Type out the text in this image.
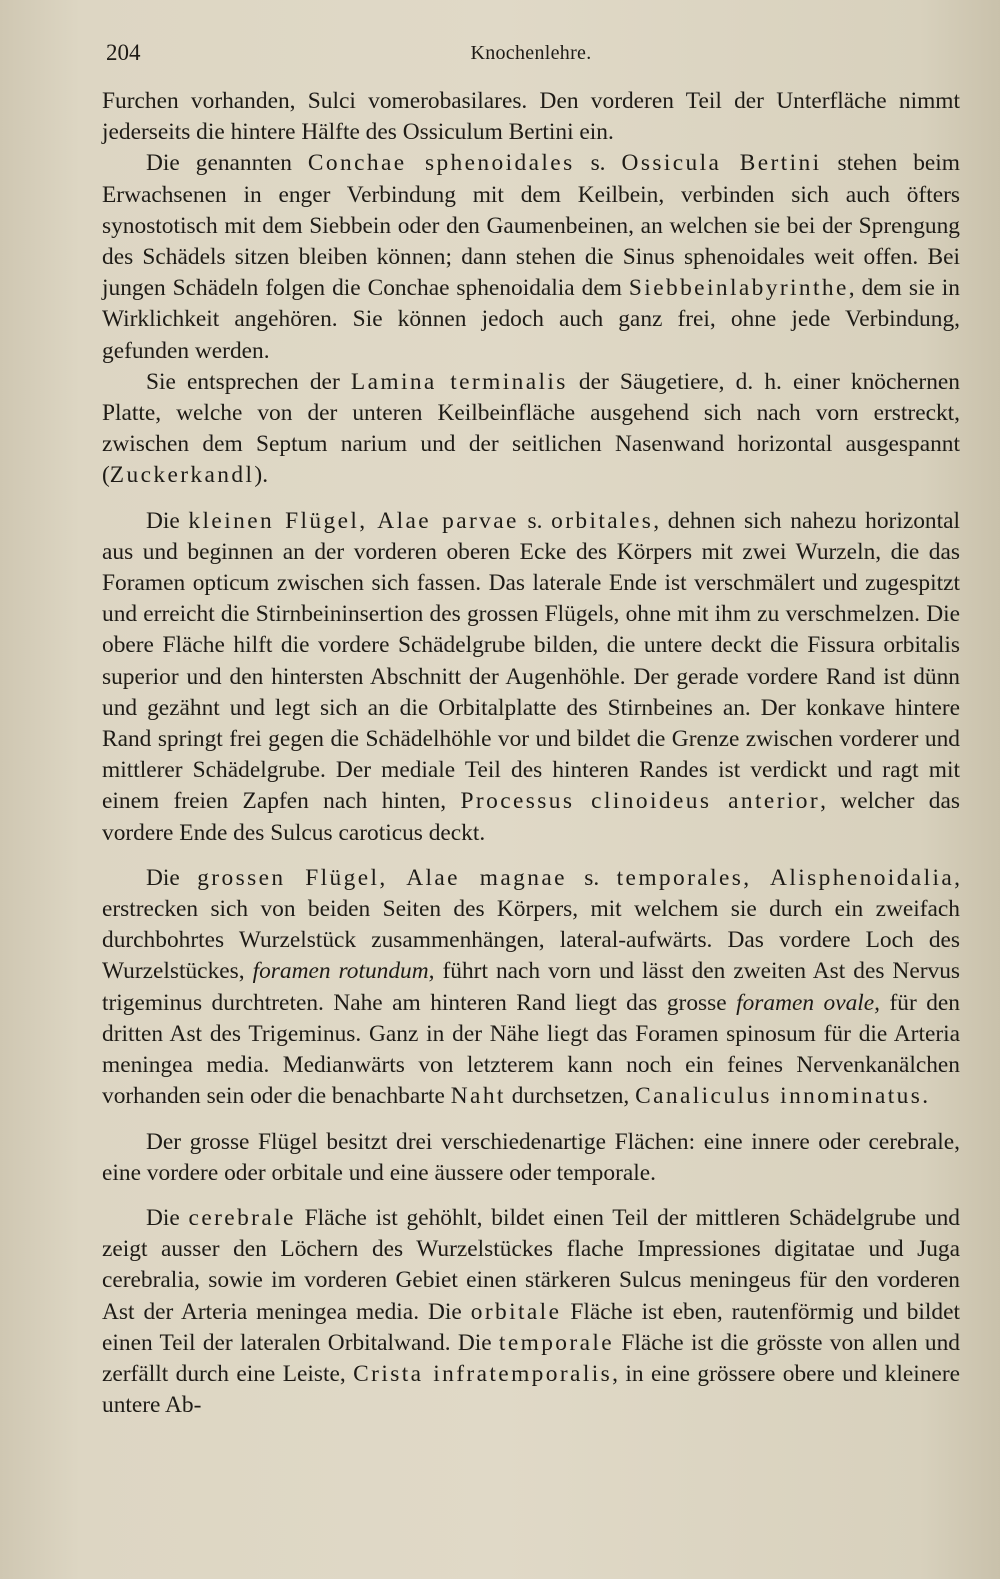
204	Knochenlehre.

Furchen vorhanden, Sulci vomerobasilares. Den vorderen Teil der Unterfläche nimmt jederseits die hintere Hälfte des Ossiculum Bertini ein.

Die genannten Conchae sphenoidales s. Ossicula Bertini stehen beim Erwachsenen in enger Verbindung mit dem Keilbein, verbinden sich auch öfters synostotisch mit dem Siebbein oder den Gaumenbeinen, an welchen sie bei der Sprengung des Schädels sitzen bleiben können; dann stehen die Sinus sphenoidales weit offen. Bei jungen Schädeln folgen die Conchae sphenoidalia dem Siebbeinlabyrinthe, dem sie in Wirklichkeit angehören. Sie können jedoch auch ganz frei, ohne jede Verbindung, gefunden werden.

Sie entsprechen der Lamina terminalis der Säugetiere, d. h. einer knöchernen Platte, welche von der unteren Keilbeinfläche ausgehend sich nach vorn erstreckt, zwischen dem Septum narium und der seitlichen Nasenwand horizontal ausgespannt (Zuckerkandl).

Die kleinen Flügel, Alae parvae s. orbitales, dehnen sich nahezu horizontal aus und beginnen an der vorderen oberen Ecke des Körpers mit zwei Wurzeln, die das Foramen opticum zwischen sich fassen. Das laterale Ende ist verschmälert und zugespitzt und erreicht die Stirnbeininsertion des grossen Flügels, ohne mit ihm zu verschmelzen. Die obere Fläche hilft die vordere Schädelgrube bilden, die untere deckt die Fissura orbitalis superior und den hintersten Abschnitt der Augenhöhle. Der gerade vordere Rand ist dünn und gezähnt und legt sich an die Orbitalplatte des Stirnbeines an. Der konkave hintere Rand springt frei gegen die Schädelhöhle vor und bildet die Grenze zwischen vorderer und mittlerer Schädelgrube. Der mediale Teil des hinteren Randes ist verdickt und ragt mit einem freien Zapfen nach hinten, Processus clinoideus anterior, welcher das vordere Ende des Sulcus caroticus deckt.

Die grossen Flügel, Alae magnae s. temporales, Alisphenoidalia, erstrecken sich von beiden Seiten des Körpers, mit welchem sie durch ein zweifach durchbohrtes Wurzelstück zusammenhängen, lateral-aufwärts. Das vordere Loch des Wurzelstückes, foramen rotundum, führt nach vorn und lässt den zweiten Ast des Nervus trigeminus durchtreten. Nahe am hinteren Rand liegt das grosse foramen ovale, für den dritten Ast des Trigeminus. Ganz in der Nähe liegt das Foramen spinosum für die Arteria meningea media. Medianwärts von letzterem kann noch ein feines Nervenkanälchen vorhanden sein oder die benachbarte Naht durchsetzen, Canaliculus innominatus.

Der grosse Flügel besitzt drei verschiedenartige Flächen: eine innere oder cerebrale, eine vordere oder orbitale und eine äussere oder temporale.

Die cerebrale Fläche ist gehöhlt, bildet einen Teil der mittleren Schädelgrube und zeigt ausser den Löchern des Wurzelstückes flache Impressiones digitatae und Juga cerebralia, sowie im vorderen Gebiet einen stärkeren Sulcus meningeus für den vorderen Ast der Arteria meningea media. Die orbitale Fläche ist eben, rautenförmig und bildet einen Teil der lateralen Orbitalwand. Die temporale Fläche ist die grösste von allen und zerfällt durch eine Leiste, Crista infratemporalis, in eine grössere obere und kleinere untere Ab-
